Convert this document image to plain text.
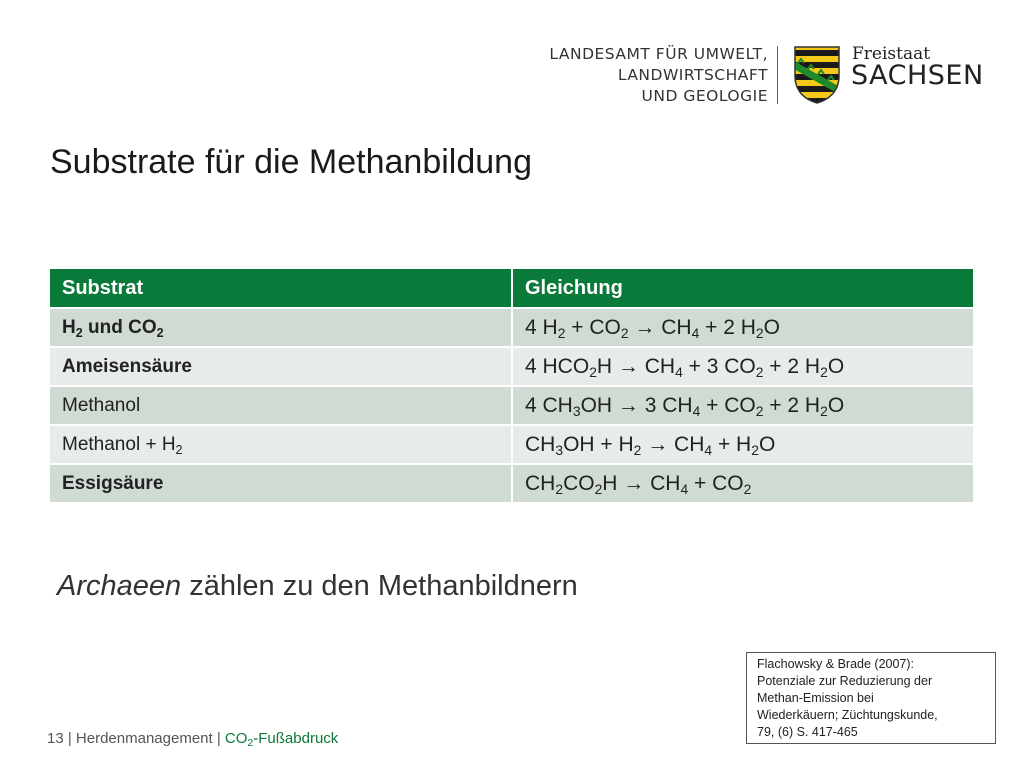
LANDESAMT FÜR UMWELT,
LANDWIRTSCHAFT
UND GEOLOGIE
Freistaat
SACHSEN
Substrate für die Methanbildung
Substrat	Gleichung
$H_2$ und $CO_2$	4 $H_2 + CO_2 \to CH_4 + 2$ $H_2O$
Ameisensäure	4 $HCO_2H \to CH_4 + 3$ $CO_2 + 2$ $H_2O$
Methanol	4 $CH_3OH \to 3$ $CH_4 + CO_2 + 2$ $H_2O$
Methanol + $H_2$	$CH_3OH + H_2 \to CH_4 + H_2O$
Essigsäure	$CH_2CO_2H \to CH_4 + CO_2$
Archaeen zählen zu den Methanbildnern
Flachowsky & Brade (2007):
Potenziale zur Reduzierung der
Methan-Emission bei
Wiederkäuern; Züchtungskunde,
79, (6) S. 417-465
13 | Herdenmanagement | $CO_2$-Fußabdruck
